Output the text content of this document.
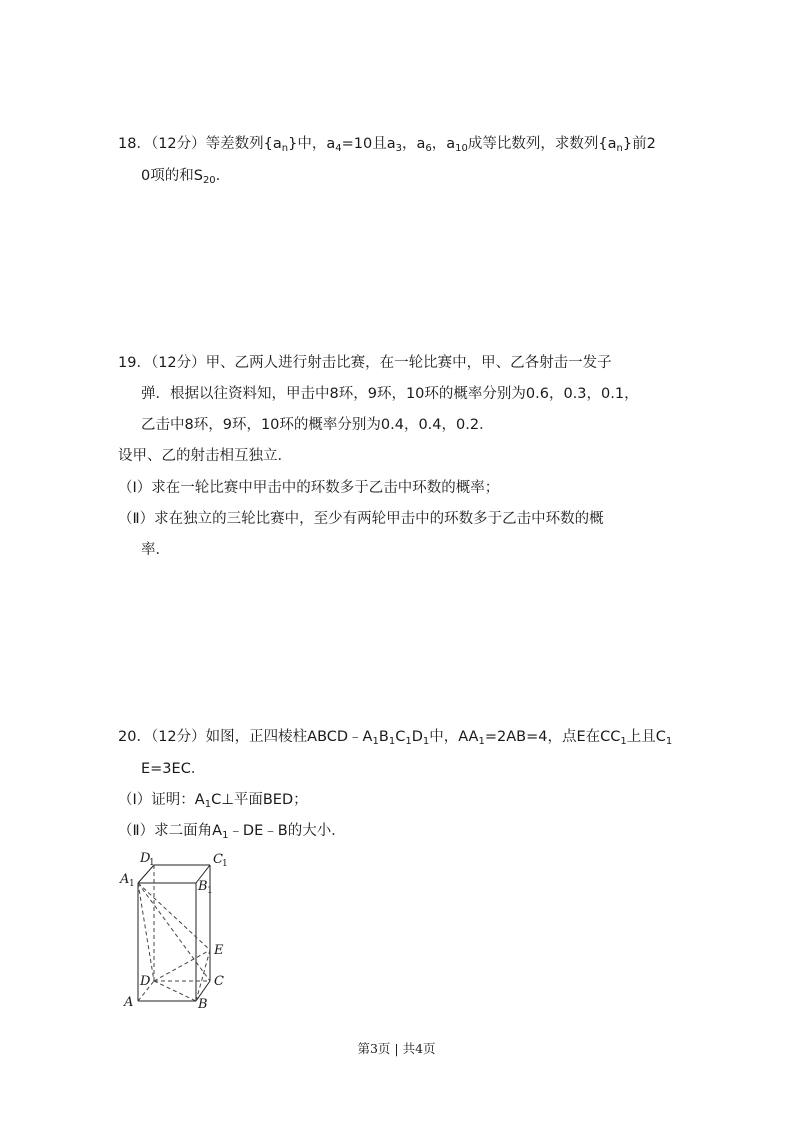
18．（12分）等差数列$\{a_n\}$中，$a_4=10$且$a_3$，$a_6$，$a_{10}$成等比数列，求数列$\{a_n\}$前2
0项的和$S_{20}$.
19．（12分）甲、乙两人进行射击比赛，在一轮比赛中，甲、乙各射击一发子
弹．根据以往资料知，甲击中8环，9环，10环的概率分别为0.6，0.3，0.1，
乙击中8环，9环，10环的概率分别为0.4，0.4，0.2．
设甲、乙的射击相互独立．
（Ⅰ）求在一轮比赛中甲击中的环数多于乙击中环数的概率；
（Ⅱ）求在独立的三轮比赛中，至少有两轮甲击中的环数多于乙击中环数的概
率．
20．（12分）如图，正四棱柱$ABCD﹣A_1B_1C_1D_1$中，$AA_1=2AB=4$，点E在$CC_1$上且$C_1$
E=3EC．
（Ⅰ）证明：$A_1C\perp$平面BED；
（Ⅱ）求二面角$A_1﹣DE﹣B$的大小．
D
1	C 1
A 1	B 1
E
D	C
A	B
第3页 | 共4页
